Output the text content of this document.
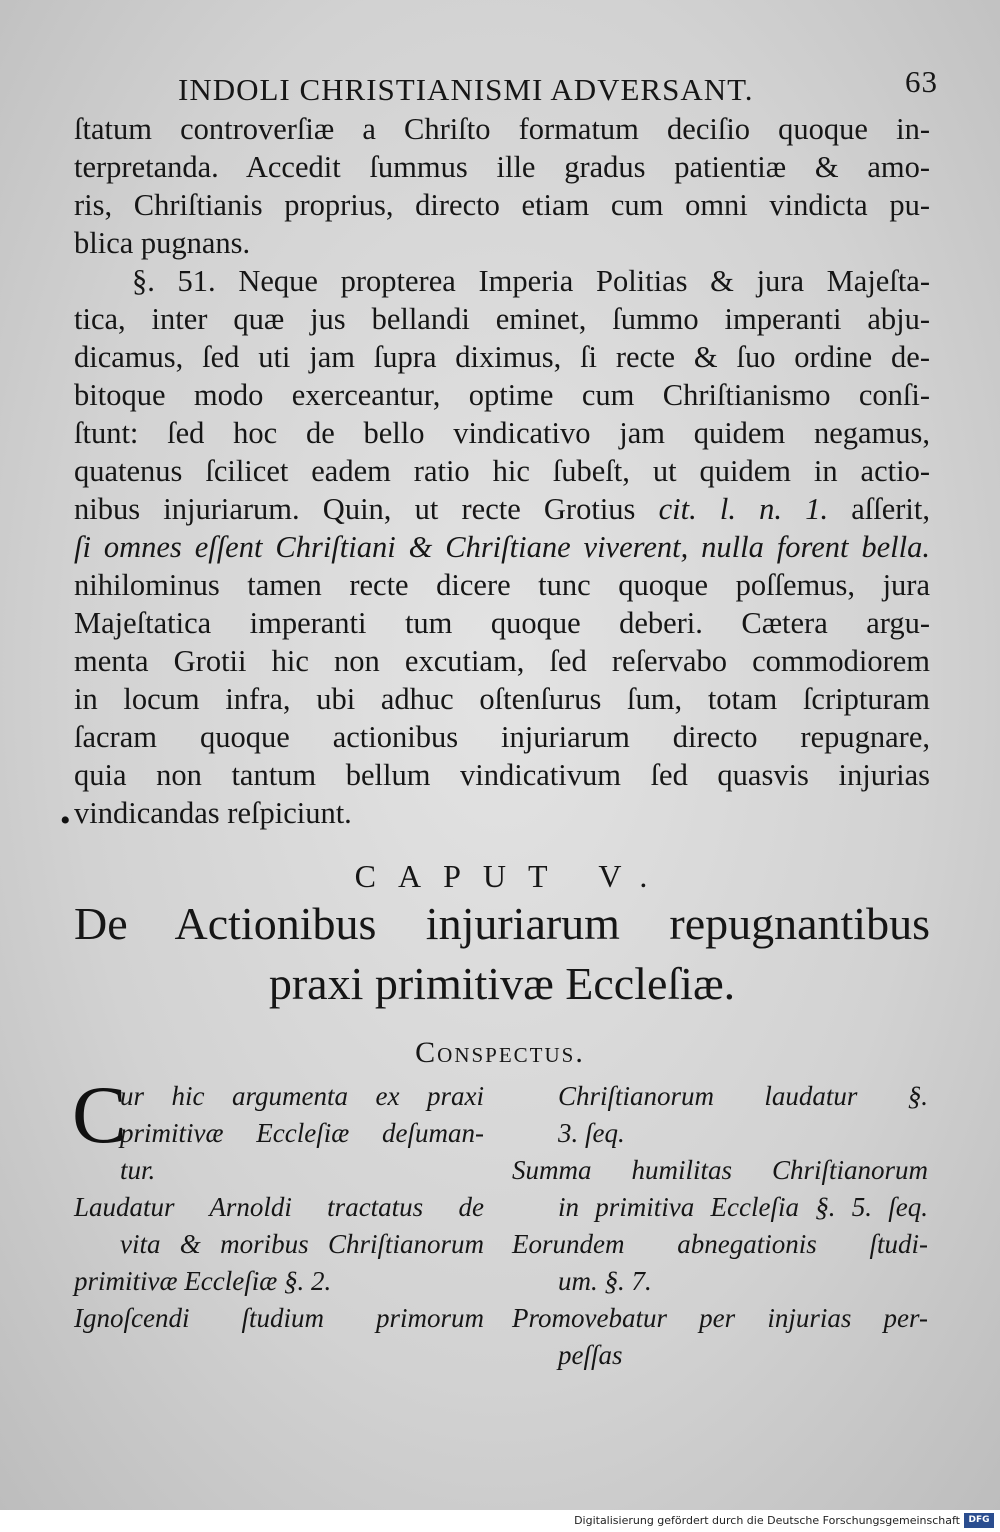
INDOLI CHRISTIANISMI ADVERSANT.	63
ſtatum controverſiæ a Chriſto formatum deciſio quoque in-
terpretanda. Accedit ſummus ille gradus patientiæ & amo-
ris, Chriſtianis proprius, directo etiam cum omni vindicta pu-
blica pugnans.
§. 51. Neque propterea Imperia Politias & jura Majeſta-
tica, inter quæ jus bellandi eminet, ſummo imperanti abju-
dicamus, ſed uti jam ſupra diximus, ſi recte & ſuo ordine de-
bitoque modo exerceantur, optime cum Chriſtianismo conſi-
ſtunt: ſed hoc de bello vindicativo jam quidem negamus,
quatenus ſcilicet eadem ratio hic ſubeſt, ut quidem in actio-
nibus injuriarum. Quin, ut recte Grotius cit. l. n. 1. aſſerit,
ſi omnes eſſent Chriſtiani & Chriſtiane viverent, nulla forent bella.
nihilominus tamen recte dicere tunc quoque poſſemus, jura
Majeſtatica imperanti tum quoque deberi. Cætera argu-
menta Grotii hic non excutiam, ſed reſervabo commodiorem
in locum infra, ubi adhuc oſtenſurus ſum, totam ſcripturam
ſacram quoque actionibus injuriarum directo repugnare,
quia non tantum bellum vindicativum ſed quasvis injurias
vindicandas reſpiciunt.
•
CAPUT V.
De Actionibus injuriarum repugnantibus
praxi primitivæ Eccleſiæ.
Conspectus.
C
ur hic argumenta ex praxi
primitivæ Eccleſiæ deſuman-
tur.
Laudatur Arnoldi tractatus de
vita & moribus Chriſtianorum
primitivæ Eccleſiæ §. 2.
Ignoſcendi ſtudium primorum
Chriſtianorum laudatur §.
3. ſeq.
Summa humilitas Chriſtianorum
in primitiva Eccleſia §. 5. ſeq.
Eorundem abnegationis ſtudi-
um. §. 7.
Promovebatur per injurias per-
peſſas
Digitalisierung gefördert durch die Deutsche Forschungsgemeinschaft DFG
